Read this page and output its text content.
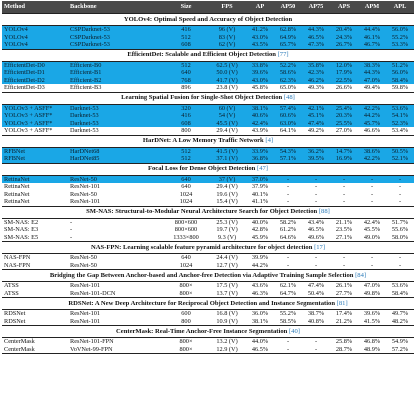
Method	Backbone	Size	FPS	AP	AP50	AP75	APS	APM	APL
YOLOv4: Optimal Speed and Accuracy of Object Detection									
YOLOv4	CSPDarknet-53	416	96 (V)	41.2%	62.8%	44.3%	20.4%	44.4%	56.0%
YOLOv4	CSPDarknet-53	512	83 (V)	43.0%	64.9%	46.5%	24.3%	46.1%	55.2%
YOLOv4	CSPDarknet-53	608	62 (V)	43.5%	65.7%	47.3%	26.7%	46.7%	53.3%
EfficientDet: Scalable and Efficient Object Detection [77]									
EfficientDet-D0	Efficient-B0	512	62.5 (V)	33.8%	52.2%	35.8%	12.0%	38.3%	51.2%
EfficientDet-D1	Efficient-B1	640	50.0 (V)	39.6%	58.6%	42.3%	17.9%	44.3%	56.0%
EfficientDet-D2	Efficient-B2	768	41.7 (V)	43.0%	62.3%	46.2%	22.5%	47.0%	58.4%
EfficientDet-D3	Efficient-B3	896	23.8 (V)	45.8%	65.0%	49.3%	26.6%	49.4%	59.8%
Learning Spatial Fusion for Single-Shot Object Detection [48]									
YOLOv3 + ASFF*	Darknet-53	320	60 (V)	38.1%	57.4%	42.1%	25.4%	42.2%	53.6%
YOLOv3 + ASFF*	Darknet-53	416	54 (V)	40.6%	60.6%	45.1%	20.3%	44.2%	54.1%
YOLOv3 + ASFF*	Darknet-53	608	45.5 (V)	42.4%	63.0%	47.4%	25.5%	45.7%	52.3%
YOLOv3 + ASFF*	Darknet-53	800	29.4 (V)	43.9%	64.1%	49.2%	27.0%	46.6%	53.4%
HarDNet: A Low Memory Traffic Network [4]									
RFBNet	HarDNet68	512	41.5 (V)	33.9%	54.3%	36.2%	14.7%	38.6%	50.5%
RFBNet	HarDNet85	512	37.1 (V)	36.8%	57.1%	39.5%	16.9%	42.2%	52.1%
Focal Loss for Dense Object Detection [47]									
RetinaNet	ResNet-50	640	37 (V)	37.0%	-	-	-	-	-
RetinaNet	ResNet-101	640	29.4 (V)	37.9%	-	-	-	-	-
RetinaNet	ResNet-50	1024	19.6 (V)	40.1%	-	-	-	-	-
RetinaNet	ResNet-101	1024	15.4 (V)	41.1%	-	-	-	-	-
SM-NAS: Structural-to-Modular Neural Architecture Search for Object Detection [88]									
SM-NAS: E2	-	800×600	25.3 (V)	40.0%	58.2%	43.4%	21.1%	42.4%	51.7%
SM-NAS: E3	-	800×600	19.7 (V)	42.8%	61.2%	46.5%	23.5%	45.5%	55.6%
SM-NAS: E5	-	1333×800	9.3 (V)	45.9%	64.6%	49.6%	27.1%	49.0%	58.0%
NAS-FPN: Learning scalable feature pyramid architecture for object detection [17]									
NAS-FPN	ResNet-50	640	24.4 (V)	39.9%	-	-	-	-	-
NAS-FPN	ResNet-50	1024	12.7 (V)	44.2%	-	-	-	-	-
Bridging the Gap Between Anchor-based and Anchor-free Detection via Adaptive Training Sample Selection [84]									
ATSS	ResNet-101	800×	17.5 (V)	43.6%	62.1%	47.4%	26.1%	47.0%	53.6%
ATSS	ResNet-101-DCN	800×	13.7 (V)	46.3%	64.7%	50.4%	27.7%	49.8%	58.4%
RDSNet: A New Deep Architecture for Reciprocal Object Detection and Instance Segmentation [81]									
RDSNet	ResNet-101	600	16.8 (V)	36.0%	55.2%	38.7%	17.4%	39.6%	49.7%
RDSNet	ResNet-101	800	10.9 (V)	38.1%	58.5%	40.8%	21.2%	41.5%	48.2%
CenterMask: Real-Time Anchor-Free Instance Segmentation [40]									
CenterMask	ResNet-101-FPN	800×	13.2 (V)	44.0%	-	-	25.8%	46.8%	54.9%
CenterMask	VoVNet-99-FPN	800×	12.9 (V)	46.5%	-	-	28.7%	48.9%	57.2%
